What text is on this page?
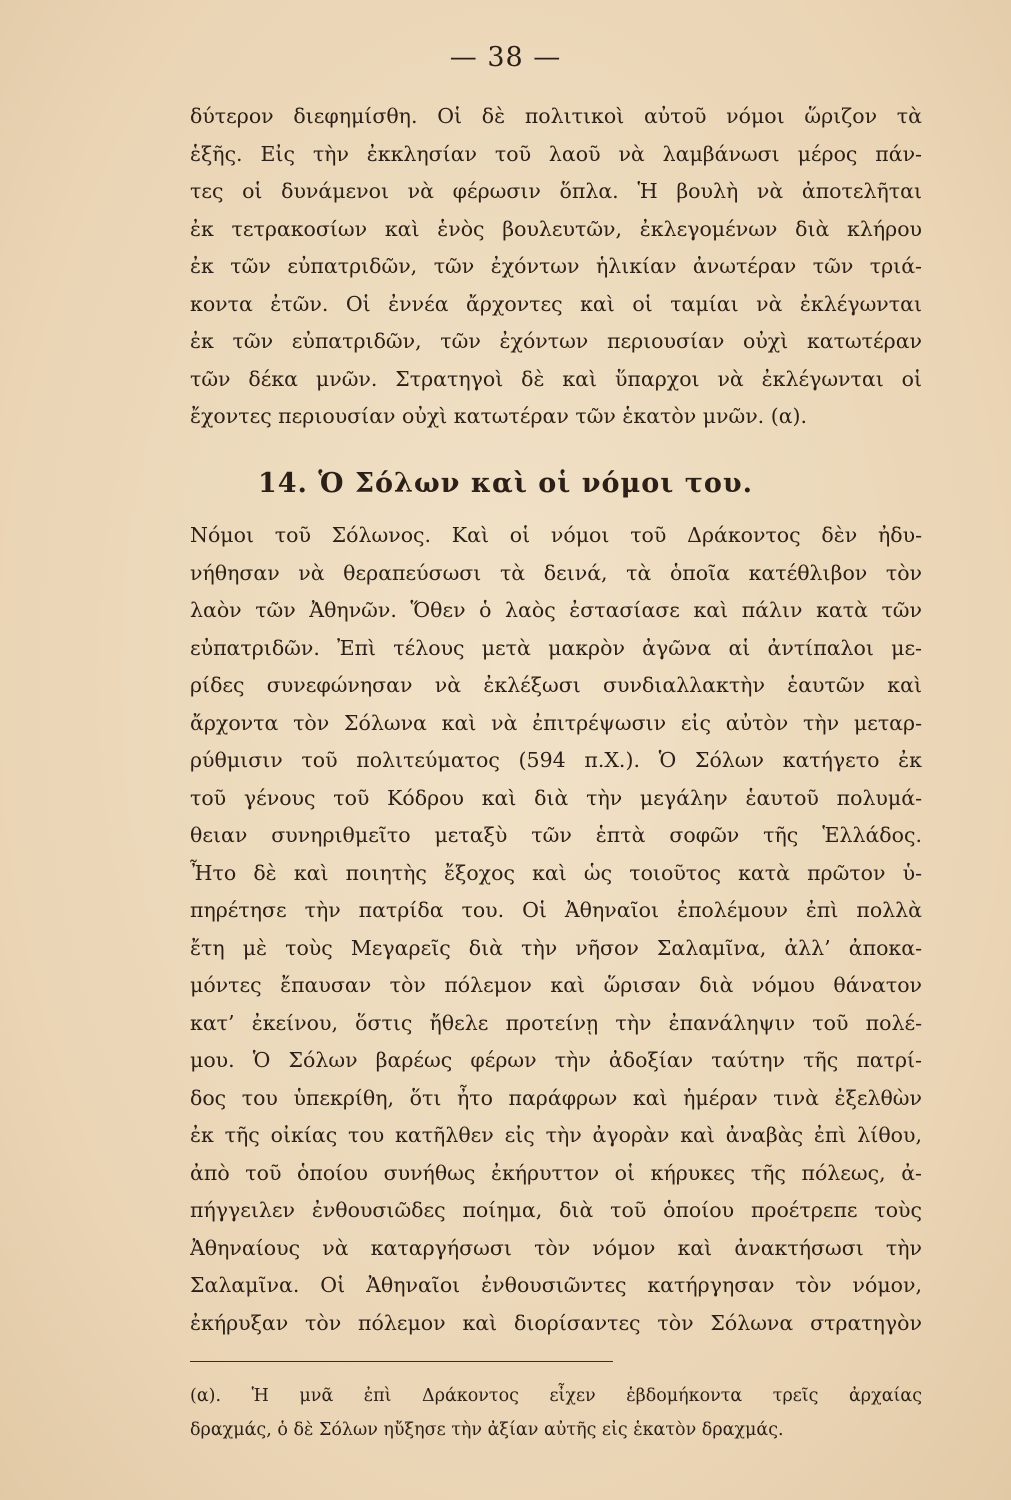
— 38 —
δύτερον διεφημίσθη. Οἱ δὲ πολιτικοὶ αὐτοῦ νόμοι ὥριζον τὰ
ἑξῆς. Εἰς τὴν ἐκκλησίαν τοῦ λαοῦ νὰ λαμβάνωσι μέρος πάν-
τες οἱ δυνάμενοι νὰ φέρωσιν ὅπλα. Ἡ βουλὴ νὰ ἀποτελῆται
ἐκ τετρακοσίων καὶ ἑνὸς βουλευτῶν, ἐκλεγομένων διὰ κλήρου
ἐκ τῶν εὐπατριδῶν, τῶν ἐχόντων ἡλικίαν ἀνωτέραν τῶν τριά-
κοντα ἐτῶν. Οἱ ἐννέα ἄρχοντες καὶ οἱ ταμίαι νὰ ἐκλέγωνται
ἐκ τῶν εὐπατριδῶν, τῶν ἐχόντων περιουσίαν οὐχὶ κατωτέραν
τῶν δέκα μνῶν. Στρατηγοὶ δὲ καὶ ὕπαρχοι νὰ ἐκλέγωνται οἱ
ἔχοντες περιουσίαν οὐχὶ κατωτέραν τῶν ἑκατὸν μνῶν. (α).
14. Ὁ Σόλων καὶ οἱ νόμοι του.
Νόμοι τοῦ Σόλωνος. Καὶ οἱ νόμοι τοῦ Δράκοντος δὲν ἠδυ-
νήθησαν νὰ θεραπεύσωσι τὰ δεινά, τὰ ὁποῖα κατέθλιβον τὸν
λαὸν τῶν Ἀθηνῶν. Ὅθεν ὁ λαὸς ἐστασίασε καὶ πάλιν κατὰ τῶν
εὐπατριδῶν. Ἐπὶ τέλους μετὰ μακρὸν ἀγῶνα αἱ ἀντίπαλοι με-
ρίδες συνεφώνησαν νὰ ἐκλέξωσι συνδιαλλακτὴν ἑαυτῶν καὶ
ἄρχοντα τὸν Σόλωνα καὶ νὰ ἐπιτρέψωσιν εἰς αὐτὸν τὴν μεταρ-
ρύθμισιν τοῦ πολιτεύματος (594 π.Χ.). Ὁ Σόλων κατήγετο ἐκ
τοῦ γένους τοῦ Κόδρου καὶ διὰ τὴν μεγάλην ἑαυτοῦ πολυμά-
θειαν συνηριθμεῖτο μεταξὺ τῶν ἑπτὰ σοφῶν τῆς Ἑλλάδος.
Ἦτο δὲ καὶ ποιητὴς ἔξοχος καὶ ὡς τοιοῦτος κατὰ πρῶτον ὑ-
πηρέτησε τὴν πατρίδα του. Οἱ Ἀθηναῖοι ἐπολέμουν ἐπὶ πολλὰ
ἔτη μὲ τοὺς Μεγαρεῖς διὰ τὴν νῆσον Σαλαμῖνα, ἀλλ’ ἀποκα-
μόντες ἔπαυσαν τὸν πόλεμον καὶ ὥρισαν διὰ νόμου θάνατον
κατ’ ἐκείνου, ὅστις ἤθελε προτείνῃ τὴν ἐπανάληψιν τοῦ πολέ-
μου. Ὁ Σόλων βαρέως φέρων τὴν ἀδοξίαν ταύτην τῆς πατρί-
δος του ὑπεκρίθη, ὅτι ἦτο παράφρων καὶ ἡμέραν τινὰ ἐξελθὼν
ἐκ τῆς οἰκίας του κατῆλθεν εἰς τὴν ἀγορὰν καὶ ἀναβὰς ἐπὶ λίθου,
ἀπὸ τοῦ ὁποίου συνήθως ἐκήρυττον οἱ κήρυκες τῆς πόλεως, ἀ-
πήγγειλεν ἐνθουσιῶδες ποίημα, διὰ τοῦ ὁποίου προέτρεπε τοὺς
Ἀθηναίους νὰ καταργήσωσι τὸν νόμον καὶ ἀνακτήσωσι τὴν
Σαλαμῖνα. Οἱ Ἀθηναῖοι ἐνθουσιῶντες κατήργησαν τὸν νόμον,
ἐκήρυξαν τὸν πόλεμον καὶ διορίσαντες τὸν Σόλωνα στρατηγὸν
(α). Ἡ μνᾶ ἐπὶ Δράκοντος εἶχεν ἑβδομήκοντα τρεῖς ἀρχαίας
δραχμάς, ὁ δὲ Σόλων ηὔξησε τὴν ἀξίαν αὐτῆς εἰς ἑκατὸν δραχμάς.
